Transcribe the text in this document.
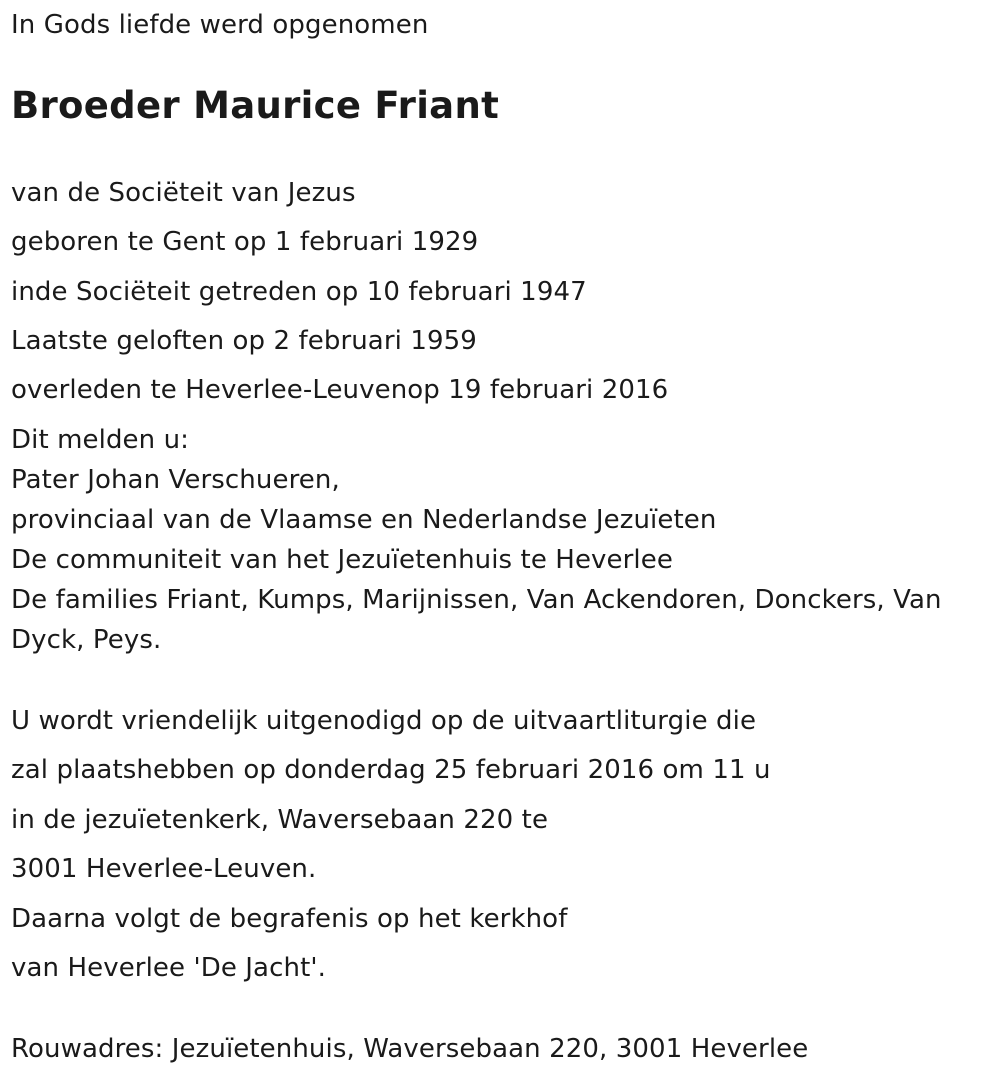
In Gods liefde werd opgenomen
Broeder Maurice Friant
van de Sociëteit van Jezus
geboren te Gent op 1 februari 1929
inde Sociëteit getreden op 10 februari 1947
Laatste geloften op 2 februari 1959
overleden te Heverlee-Leuvenop 19 februari 2016
Dit melden u:
Pater Johan Verschueren,
provinciaal van de Vlaamse en Nederlandse Jezuïeten
De communiteit van het Jezuïetenhuis te Heverlee
De families Friant, Kumps, Marijnissen, Van Ackendoren, Donckers, Van Dyck, Peys.
U wordt vriendelijk uitgenodigd op de uitvaartliturgie die
zal plaatshebben op donderdag 25 februari 2016 om 11 u
in de jezuïetenkerk, Waversebaan 220 te
3001 Heverlee-Leuven.
Daarna volgt de begrafenis op het kerkhof
van Heverlee 'De Jacht'.
Rouwadres: Jezuïetenhuis, Waversebaan 220, 3001 Heverlee
